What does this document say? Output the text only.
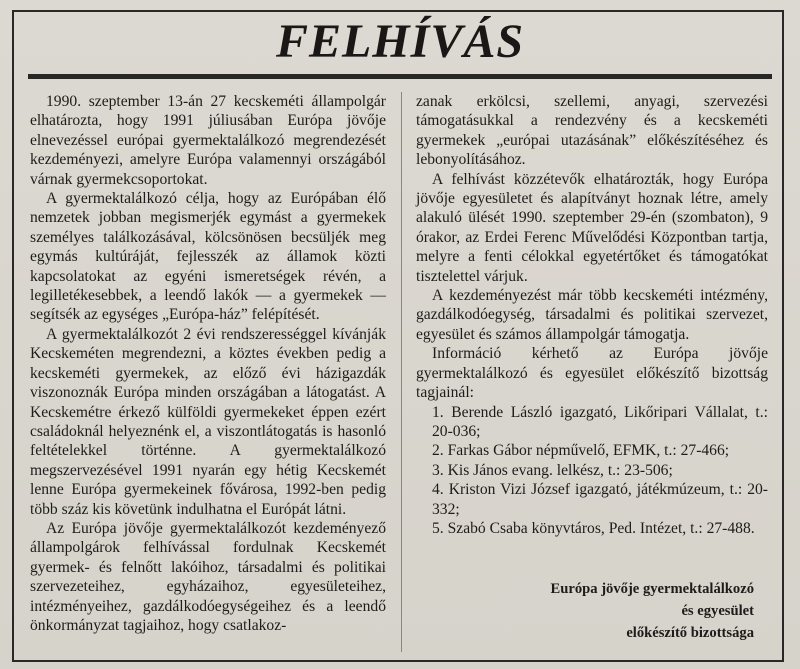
FELHÍVÁS

1990. szeptember 13-án 27 kecskeméti állampolgár elhatározta, hogy 1991 júliusában Európa jövője elnevezéssel európai gyermektalálkozó megrendezését kezdeményezi, amelyre Európa valamennyi országából várnak gyermekcsoportokat.

A gyermektalálkozó célja, hogy az Európában élő nemzetek jobban megismerjék egymást a gyermekek személyes találkozásával, kölcsönösen becsüljék meg egymás kultúráját, fejlesszék az államok közti kapcsolatokat az egyéni ismeretségek révén, a legilletékesebbek, a leendő lakók — a gyermekek — segítsék az egységes „Európa-ház” felépítését.

A gyermektalálkozót 2 évi rendszerességgel kívánják Kecskeméten megrendezni, a köztes években pedig a kecskeméti gyermekek, az előző évi házigazdák viszonoznák Európa minden országában a látogatást. A Kecskemétre érkező külföldi gyermekeket éppen ezért családoknál helyeznénk el, a viszontlátogatás is hasonló feltételekkel történne. A gyermektalálkozó megszervezésével 1991 nyarán egy hétig Kecskemét lenne Európa gyermekeinek fővárosa, 1992-ben pedig több száz kis követünk indulhatna el Európát látni.

Az Európa jövője gyermektalálkozót kezdeményező állampolgárok felhívással fordulnak Kecskemét gyermek- és felnőtt lakóihoz, társadalmi és politikai szervezeteihez, egyházaihoz, egyesületeihez, intézményeihez, gazdálkodóegységeihez és a leendő önkormányzat tagjaihoz, hogy csatlakoz-

zanak erkölcsi, szellemi, anyagi, szervezési támogatásukkal a rendezvény és a kecskeméti gyermekek „európai utazásának” előkészítéséhez és lebonyolításához.

A felhívást közzétevők elhatározták, hogy Európa jövője egyesületet és alapítványt hoznak létre, amely alakuló ülését 1990. szeptember 29-én (szombaton), 9 órakor, az Erdei Ferenc Művelődési Központban tartja, melyre a fenti célokkal egyetértőket és támogatókat tisztelettel várjuk.

A kezdeményezést már több kecskeméti intézmény, gazdálkodóegység, társadalmi és politikai szervezet, egyesület és számos állampolgár támogatja.

Információ kérhető az Európa jövője gyermektalálkozó és egyesület előkészítő bizottság tagjainál:

1. Berende László igazgató, Likőripari Vállalat, t.: 20-036;
2. Farkas Gábor népművelő, EFMK, t.: 27-466;
3. Kis János evang. lelkész, t.: 23-506;
4. Kriston Vizi József igazgató, játékmúzeum, t.: 20-332;
5. Szabó Csaba könyvtáros, Ped. Intézet, t.: 27-488.
Európa jövője gyermektalálkozó
és egyesület
előkészítő bizottsága
